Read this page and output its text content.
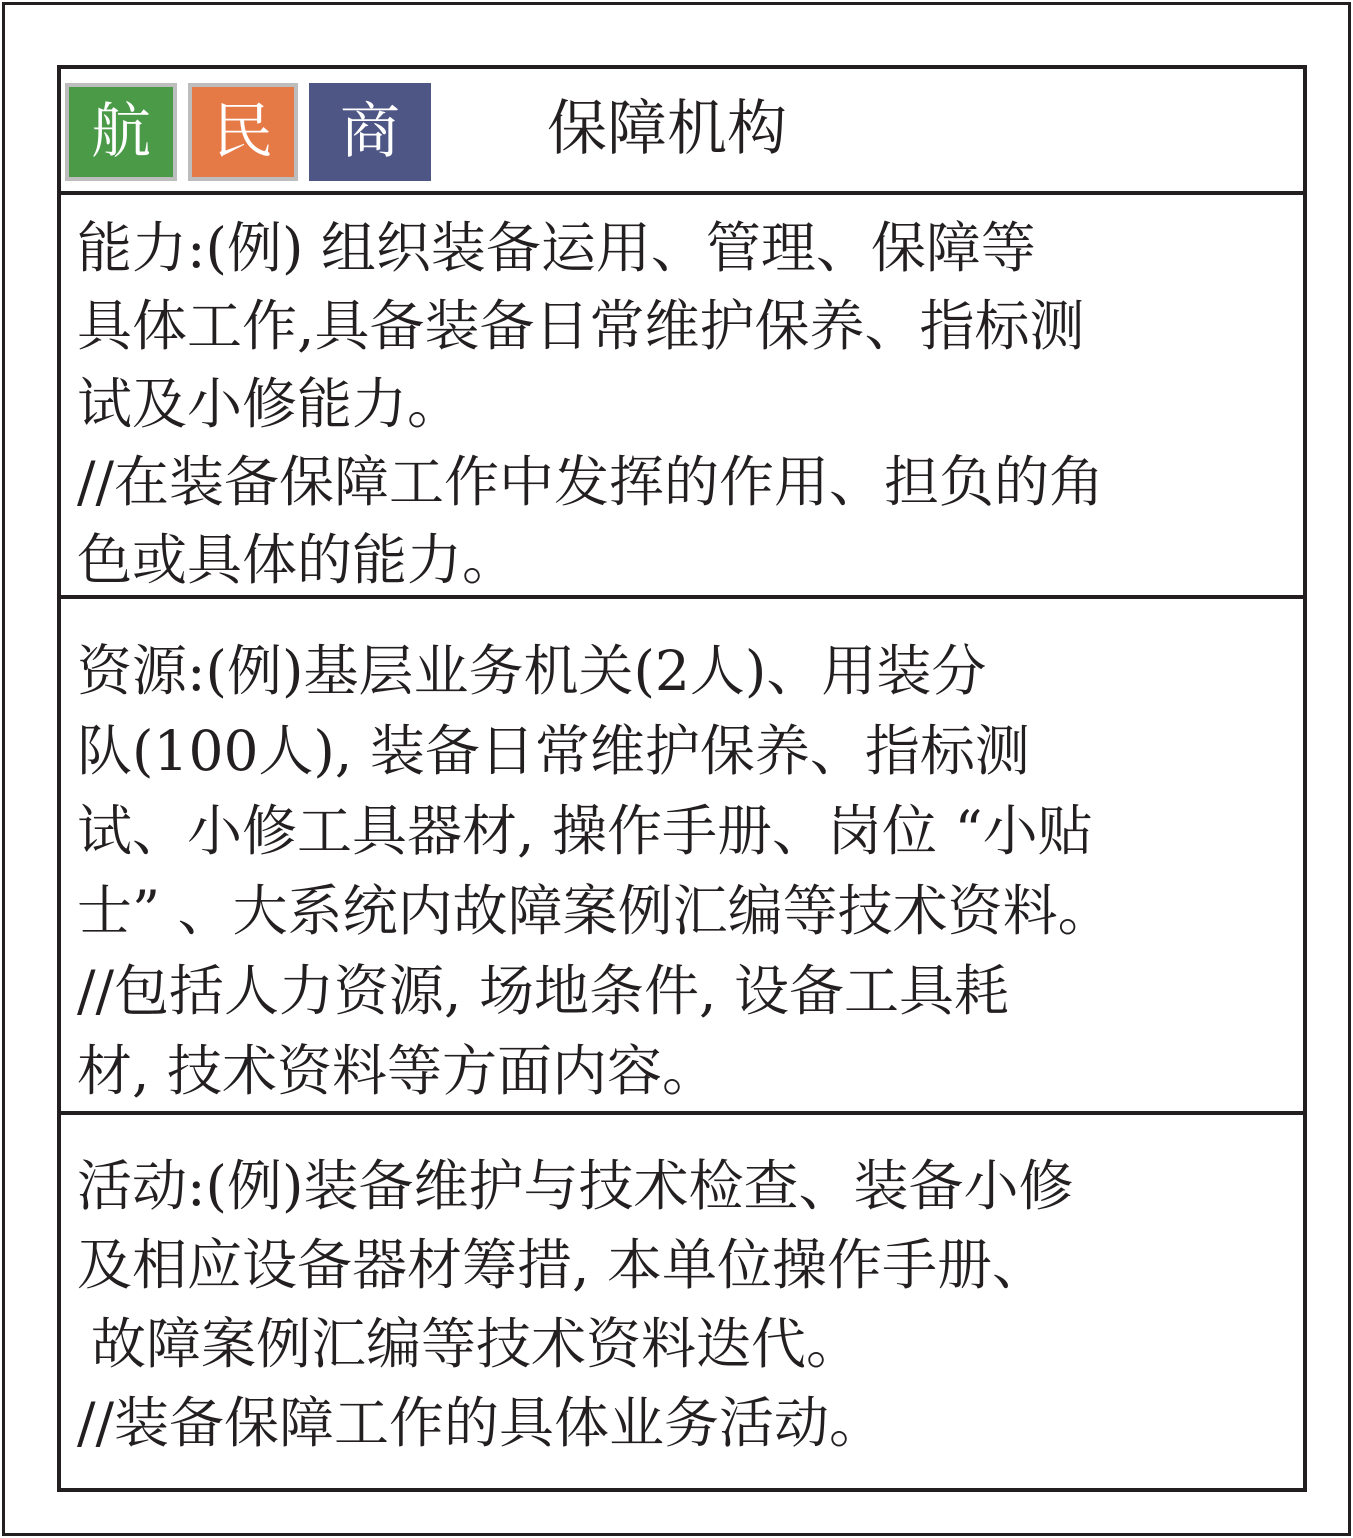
航	民	商	保障机构
能力:(例) 组织装备运用、管理、保障等
具体工作,具备装备日常维护保养、指标测
试及小修能力。
//在装备保障工作中发挥的作用、担负的角
色或具体的能力。
资源:(例)基层业务机关(2人)、用装分
队(100人), 装备日常维护保养、指标测
试、小修工具器材, 操作手册、岗位 “小贴
士” 、大系统内故障案例汇编等技术资料。
//包括人力资源, 场地条件, 设备工具耗
材, 技术资料等方面内容。
活动:(例)装备维护与技术检查、装备小修
及相应设备器材筹措, 本单位操作手册、
故障案例汇编等技术资料迭代。
//装备保障工作的具体业务活动。
